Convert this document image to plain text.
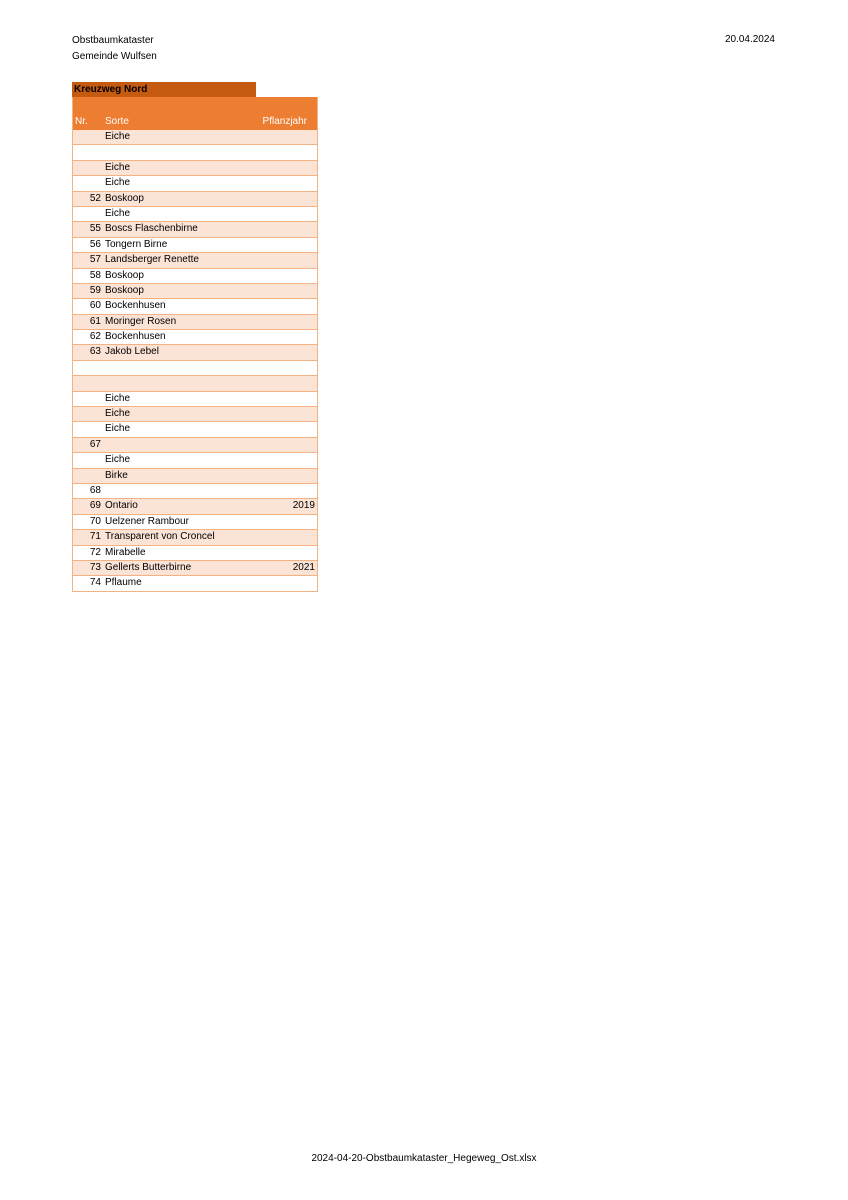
Obstbaumkataster
Gemeinde Wulfsen
20.04.2024
Kreuzweg Nord
Nr. Sorte	Pflanzjahr
Eiche
Eiche
Eiche
52 Boskoop
Eiche
55 Boscs Flaschenbirne
56 Tongern Birne
57 Landsberger Renette
58 Boskoop
59 Boskoop
60 Bockenhusen
61 Moringer Rosen
62 Bockenhusen
63 Jakob Lebel
Eiche
Eiche
Eiche
67
Eiche
Birke
68
69 Ontario	2019
70 Uelzener Rambour
71 Transparent von Croncel
72 Mirabelle
73 Gellerts Butterbirne	2021
74 Pflaume
2024-04-20-Obstbaumkataster_Hegeweg_Ost.xlsx
